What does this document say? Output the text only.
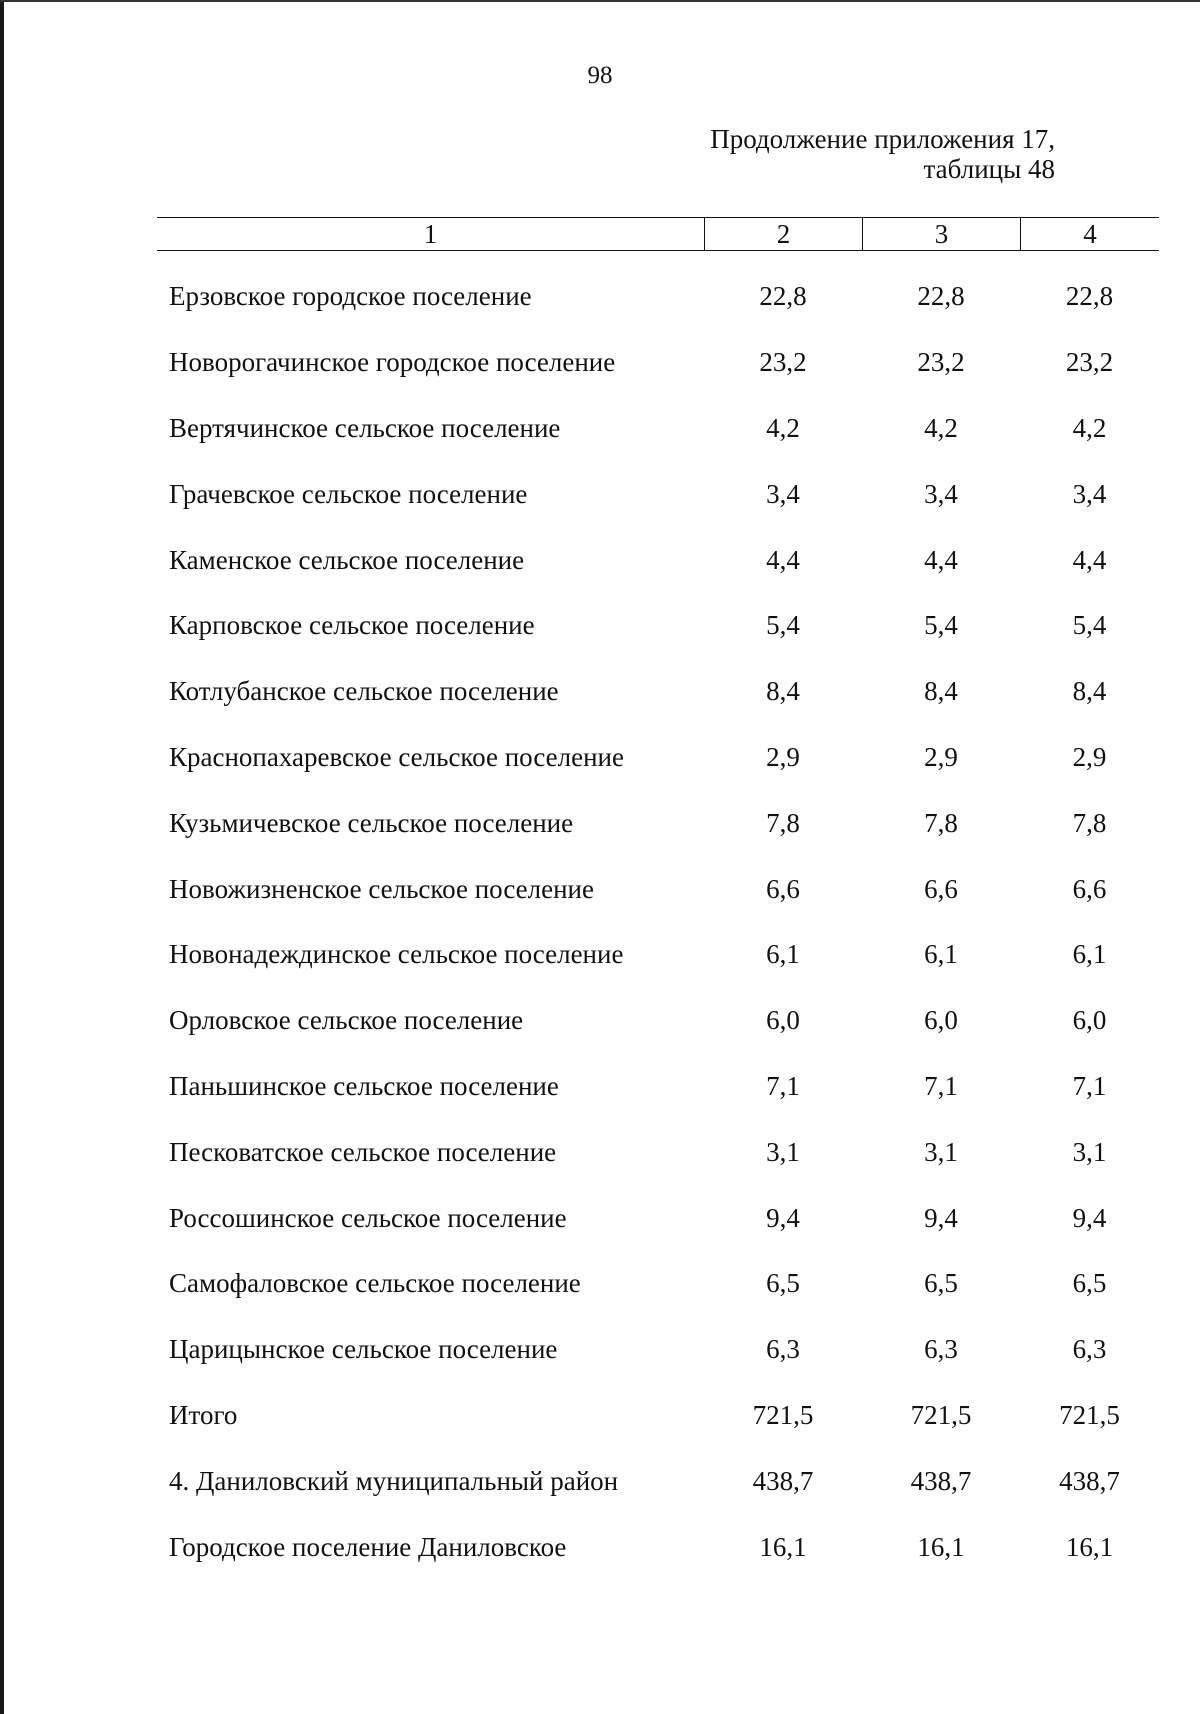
98
Продолжение приложения 17,
таблицы 48
1	2	3	4
Ерзовское городское поселение	22,8	22,8	22,8
Новорогачинское городское поселение	23,2	23,2	23,2
Вертячинское сельское поселение	4,2	4,2	4,2
Грачевское сельское поселение	3,4	3,4	3,4
Каменское сельское поселение	4,4	4,4	4,4
Карповское сельское поселение	5,4	5,4	5,4
Котлубанское сельское поселение	8,4	8,4	8,4
Краснопахаревское сельское поселение	2,9	2,9	2,9
Кузьмичевское сельское поселение	7,8	7,8	7,8
Новожизненское сельское поселение	6,6	6,6	6,6
Новонадеждинское сельское поселение	6,1	6,1	6,1
Орловское сельское поселение	6,0	6,0	6,0
Паньшинское сельское поселение	7,1	7,1	7,1
Песковатское сельское поселение	3,1	3,1	3,1
Россошинское сельское поселение	9,4	9,4	9,4
Самофаловское сельское поселение	6,5	6,5	6,5
Царицынское сельское поселение	6,3	6,3	6,3
Итого	721,5	721,5	721,5
4. Даниловский муниципальный район	438,7	438,7	438,7
Городское поселение Даниловское	16,1	16,1	16,1
